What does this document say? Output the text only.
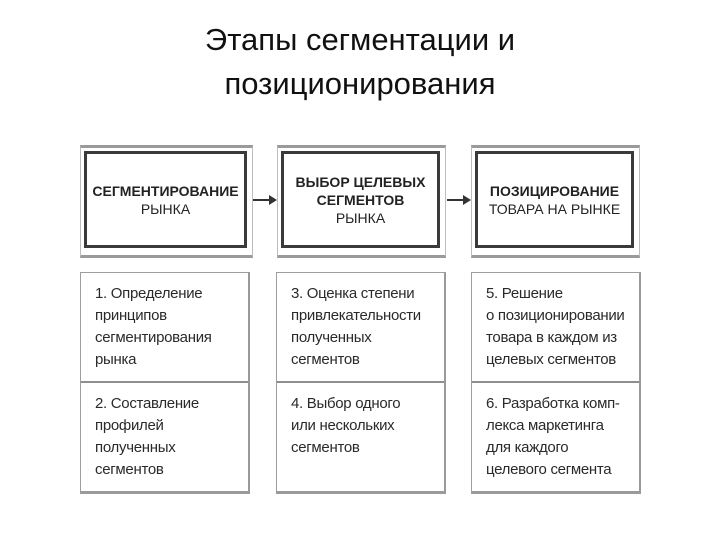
Этапы сегментации и
позиционирования
СЕГМЕНТИРОВАНИЕ
РЫНКА
ВЫБОР ЦЕЛЕВЫХ
СЕГМЕНТОВ
РЫНКА
ПОЗИЦИРОВАНИЕ
ТОВАРА НА РЫНКЕ
1. Определение
принципов
сегментирования
рынка
2. Составление
профилей
полученных
сегментов
3. Оценка степени
привлекательности
полученных
сегментов
4. Выбор одного
или нескольких
сегментов
5. Решение
о позиционировании
товара в каждом из
целевых сегментов
6. Разработка комп-
лекса маркетинга
для каждого
целевого сегмента
